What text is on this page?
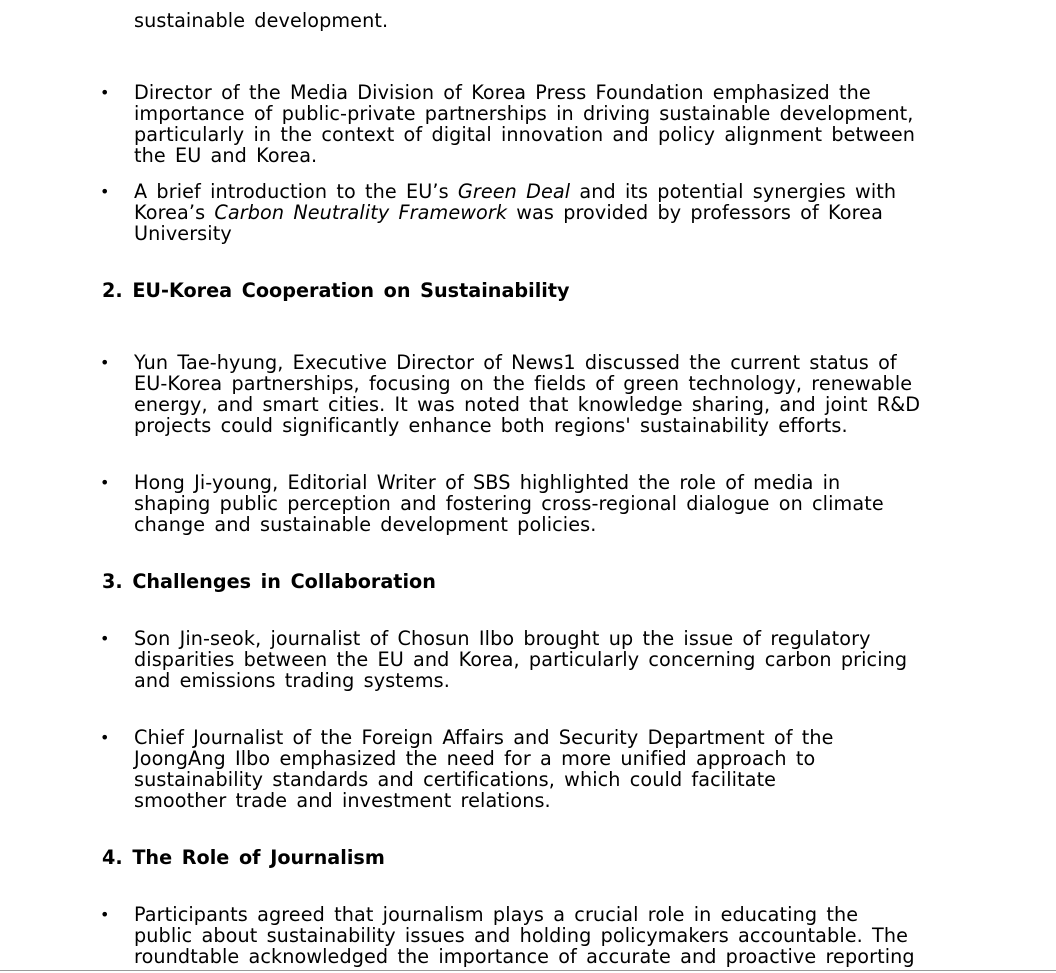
sustainable development.
• Director of the Media Division of Korea Press Foundation emphasized the importance of public-private partnerships in driving sustainable development, particularly in the context of digital innovation and policy alignment between the EU and Korea.
• A brief introduction to the EU’s Green Deal and its potential synergies with Korea’s Carbon Neutrality Framework was provided by professors of Korea University
2. EU-Korea Cooperation on Sustainability
• Yun Tae-hyung, Executive Director of News1 discussed the current status of EU-Korea partnerships, focusing on the fields of green technology, renewable energy, and smart cities. It was noted that knowledge sharing, and joint R&D projects could significantly enhance both regions' sustainability efforts.
• Hong Ji-young, Editorial Writer of SBS highlighted the role of media in shaping public perception and fostering cross-regional dialogue on climate change and sustainable development policies.
3. Challenges in Collaboration
• Son Jin-seok, journalist of Chosun Ilbo brought up the issue of regulatory disparities between the EU and Korea, particularly concerning carbon pricing and emissions trading systems.
• Chief Journalist of the Foreign Affairs and Security Department of the JoongAng Ilbo emphasized the need for a more unified approach to sustainability standards and certifications, which could facilitate smoother trade and investment relations.
4. The Role of Journalism
• Participants agreed that journalism plays a crucial role in educating the public about sustainability issues and holding policymakers accountable. The roundtable acknowledged the importance of accurate and proactive reporting
